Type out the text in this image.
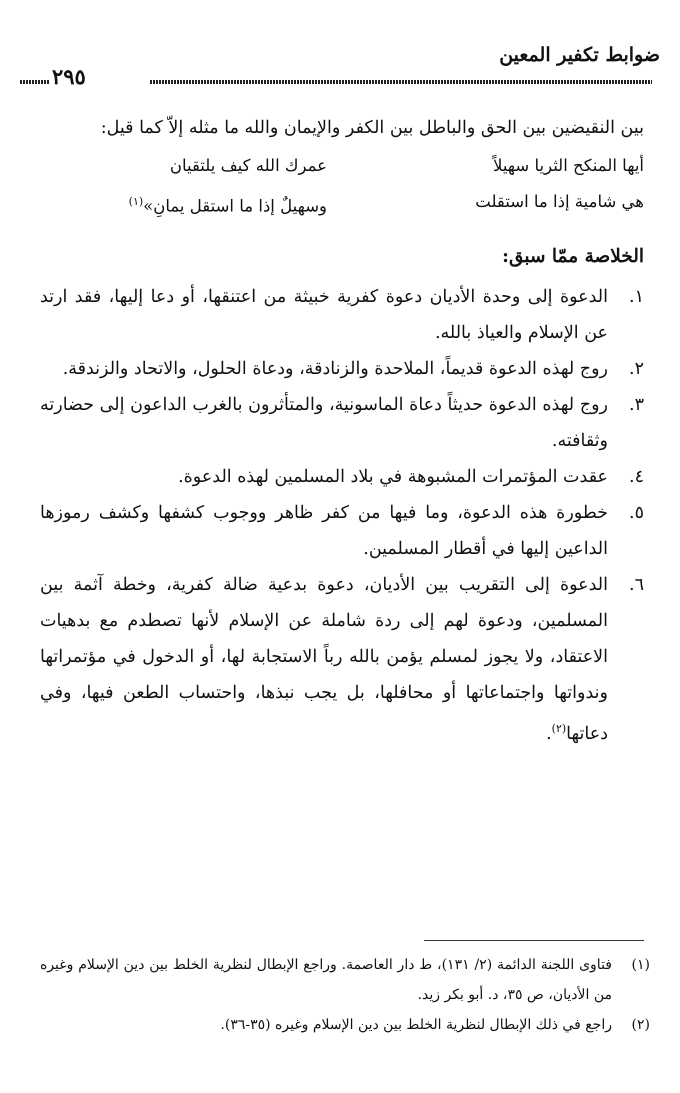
ضوابط تكفير المعين
٢٩٥

بين النقيضين بين الحق والباطل بين الكفر والإيمان والله ما مثله إلاّ كما قيل:

أيها المنكح الثريا سهيلاً
عمرك الله كيف يلتقيان
هي شامية إذا ما استقلت
وسهيلٌ إذا ما استقل يمانِ»$^{(١)}$
الخلاصة ممّا سبق:
١.
الدعوة إلى وحدة الأديان دعوة كفرية خبيثة من اعتنقها، أو دعا إليها، فقد ارتد عن الإسلام والعياذ بالله.
٢.
روج لهذه الدعوة قديماً، الملاحدة والزنادقة، ودعاة الحلول، والاتحاد والزندقة.
٣.
روج لهذه الدعوة حديثاً دعاة الماسونية، والمتأثرون بالغرب الداعون إلى حضارته وثقافته.
٤.
عقدت المؤتمرات المشبوهة في بلاد المسلمين لهذه الدعوة.
٥.
خطورة هذه الدعوة، وما فيها من كفر ظاهر ووجوب كشفها وكشف رموزها الداعين إليها في أقطار المسلمين.
٦.
الدعوة إلى التقريب بين الأديان، دعوة بدعية ضالة كفرية، وخطة آثمة بين المسلمين، ودعوة لهم إلى ردة شاملة عن الإسلام لأنها تصطدم مع بدهيات الاعتقاد، ولا يجوز لمسلم يؤمن بالله رباً الاستجابة لها، أو الدخول في مؤتمراتها وندواتها واجتماعاتها أو محافلها، بل يجب نبذها، واحتساب الطعن فيها، وفي دعاتها$^{(٢)}$.
(١)
فتاوى اللجنة الدائمة (٢/ ١٣١)، ط دار العاصمة. وراجع الإبطال لنظرية الخلط بين دين الإسلام وغيره من الأديان، ص ٣٥، د. أبو بكر زيد.
(٢)
راجع في ذلك الإبطال لنظرية الخلط بين دين الإسلام وغيره (٣٥-٣٦).
